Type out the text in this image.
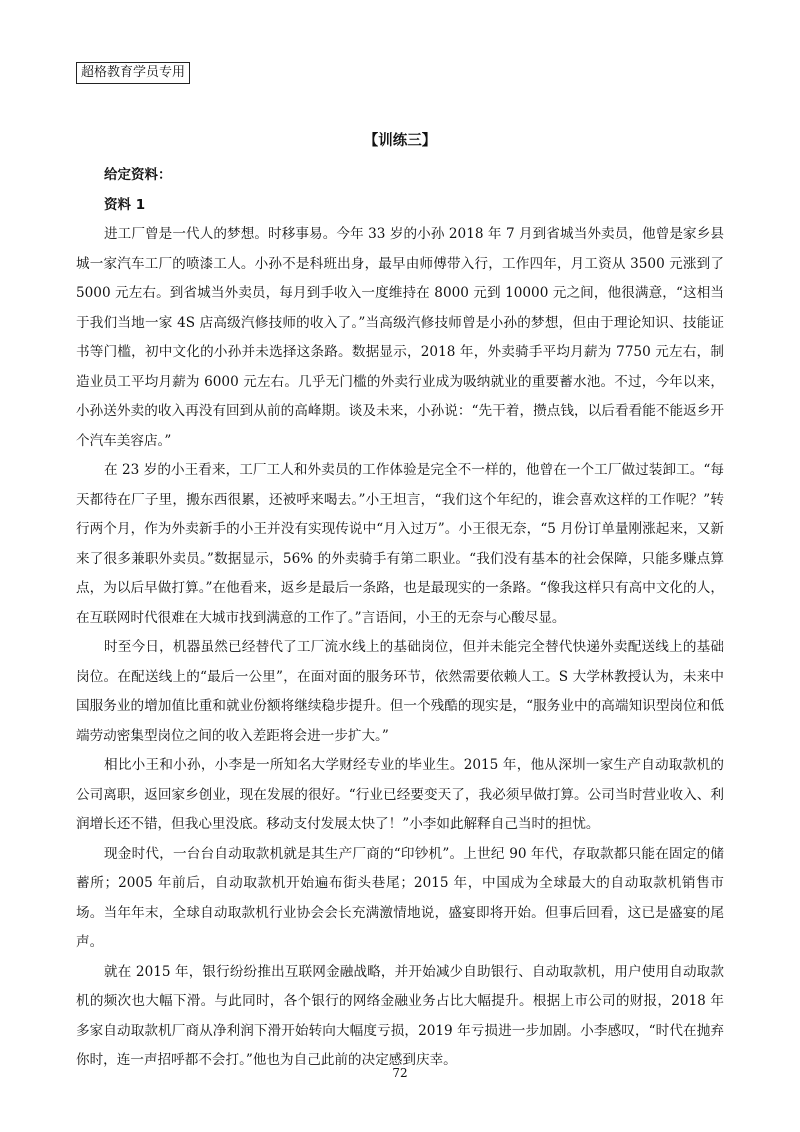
超格教育学员专用
【训练三】

给定资料：

资料 1

进工厂曾是一代人的梦想。时移事易。今年 33 岁的小孙 2018 年 7 月到省城当外卖员，他曾是家乡县城一家汽车工厂的喷漆工人。小孙不是科班出身，最早由师傅带入行，工作四年，月工资从 3500 元涨到了 5000 元左右。到省城当外卖员，每月到手收入一度维持在 8000 元到 10000 元之间，他很满意，“这相当于我们当地一家 4S 店高级汽修技师的收入了。”当高级汽修技师曾是小孙的梦想，但由于理论知识、技能证书等门槛，初中文化的小孙并未选择这条路。数据显示，2018 年，外卖骑手平均月薪为 7750 元左右，制造业员工平均月薪为 6000 元左右。几乎无门槛的外卖行业成为吸纳就业的重要蓄水池。不过，今年以来，小孙送外卖的收入再没有回到从前的高峰期。谈及未来，小孙说：“先干着，攒点钱，以后看看能不能返乡开个汽车美容店。”

在 23 岁的小王看来，工厂工人和外卖员的工作体验是完全不一样的，他曾在一个工厂做过装卸工。“每天都待在厂子里，搬东西很累，还被呼来喝去。”小王坦言，“我们这个年纪的，谁会喜欢这样的工作呢？”转行两个月，作为外卖新手的小王并没有实现传说中“月入过万”。小王很无奈，“5 月份订单量刚涨起来，又新来了很多兼职外卖员。”数据显示，56% 的外卖骑手有第二职业。“我们没有基本的社会保障，只能多赚点算点，为以后早做打算。”在他看来，返乡是最后一条路，也是最现实的一条路。“像我这样只有高中文化的人，在互联网时代很难在大城市找到满意的工作了。”言语间，小王的无奈与心酸尽显。

时至今日，机器虽然已经替代了工厂流水线上的基础岗位，但并未能完全替代快递外卖配送线上的基础岗位。在配送线上的“最后一公里”，在面对面的服务环节，依然需要依赖人工。S 大学林教授认为，未来中国服务业的增加值比重和就业份额将继续稳步提升。但一个残酷的现实是，“服务业中的高端知识型岗位和低端劳动密集型岗位之间的收入差距将会进一步扩大。”

相比小王和小孙，小李是一所知名大学财经专业的毕业生。2015 年，他从深圳一家生产自动取款机的公司离职，返回家乡创业，现在发展的很好。“行业已经要变天了，我必须早做打算。公司当时营业收入、利润增长还不错，但我心里没底。移动支付发展太快了！”小李如此解释自己当时的担忧。

现金时代，一台台自动取款机就是其生产厂商的“印钞机”。上世纪 90 年代，存取款都只能在固定的储蓄所；2005 年前后，自动取款机开始遍布街头巷尾；2015 年，中国成为全球最大的自动取款机销售市场。当年年末，全球自动取款机行业协会会长充满激情地说，盛宴即将开始。但事后回看，这已是盛宴的尾声。

就在 2015 年，银行纷纷推出互联网金融战略，并开始减少自助银行、自动取款机，用户使用自动取款机的频次也大幅下滑。与此同时，各个银行的网络金融业务占比大幅提升。根据上市公司的财报，2018 年多家自动取款机厂商从净利润下滑开始转向大幅度亏损，2019 年亏损进一步加剧。小李感叹，“时代在抛弃你时，连一声招呼都不会打。”他也为自己此前的决定感到庆幸。

72
